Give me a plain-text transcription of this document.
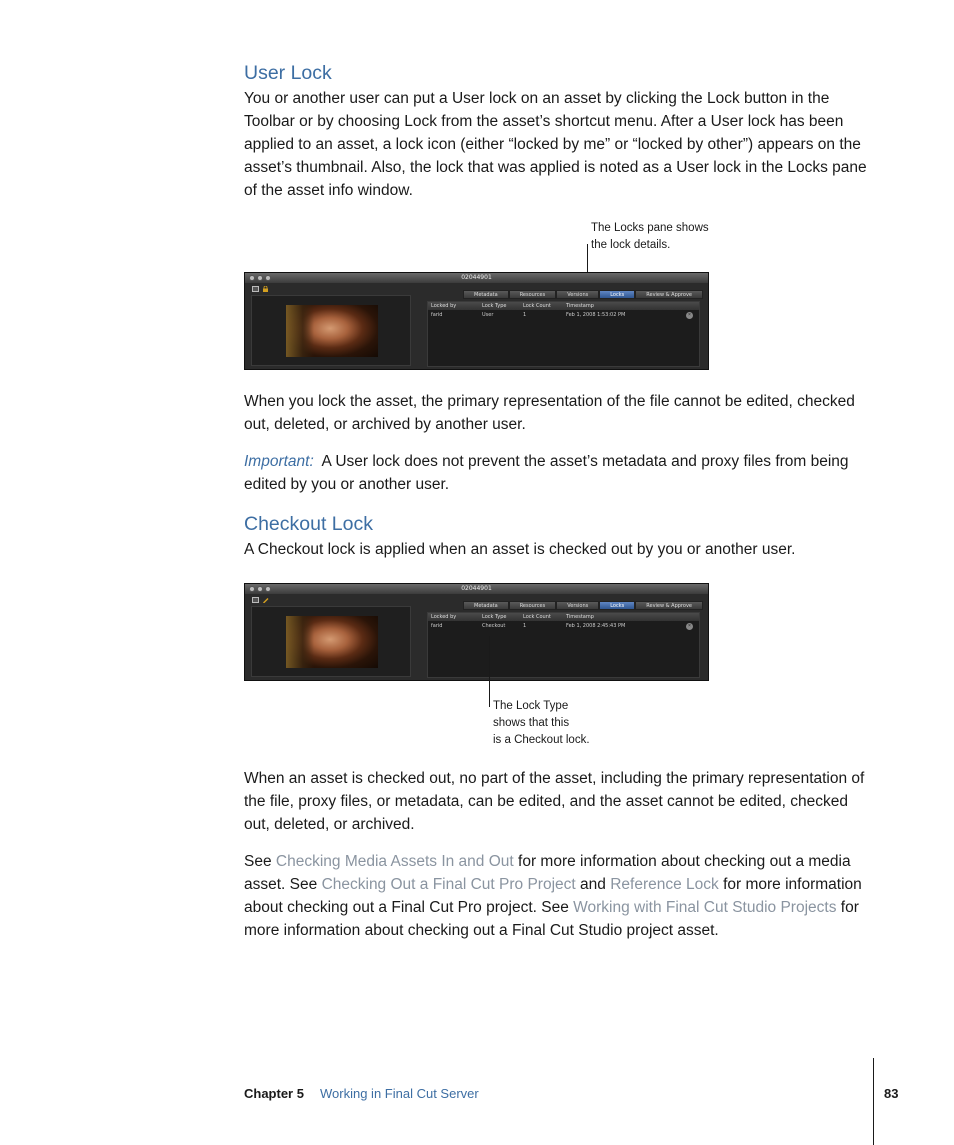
User Lock
You or another user can put a User lock on an asset by clicking the Lock button in the Toolbar or by choosing Lock from the asset’s shortcut menu. After a User lock has been applied to an asset, a lock icon (either “locked by me” or “locked by other”) appears on the asset’s thumbnail. Also, the lock that was applied is noted as a User lock in the Locks pane of the asset info window.
The Locks pane shows
the lock details.
02044901
Metadata	Resources	Versions	Locks	Review & Approve
Locked by	Lock Type	Lock Count	Timestamp
farid	User	1	Feb 1, 2008 1:53:02 PM	×
When you lock the asset, the primary representation of the file cannot be edited, checked out, deleted, or archived by another user.
Important: A User lock does not prevent the asset’s metadata and proxy files from being edited by you or another user.
Checkout Lock
A Checkout lock is applied when an asset is checked out by you or another user.
02044901
Metadata	Resources	Versions	Locks	Review & Approve
Locked by	Lock Type	Lock Count	Timestamp
farid	Checkout	1	Feb 1, 2008 2:45:43 PM	×
The Lock Type
shows that this
is a Checkout lock.
When an asset is checked out, no part of the asset, including the primary representation of the file, proxy files, or metadata, can be edited, and the asset cannot be edited, checked out, deleted, or archived.
See Checking Media Assets In and Out for more information about checking out a media asset. See Checking Out a Final Cut Pro Project and Reference Lock for more information about checking out a Final Cut Pro project. See Working with Final Cut Studio Projects for more information about checking out a Final Cut Studio project asset.
Chapter 5 Working in Final Cut Server	83
